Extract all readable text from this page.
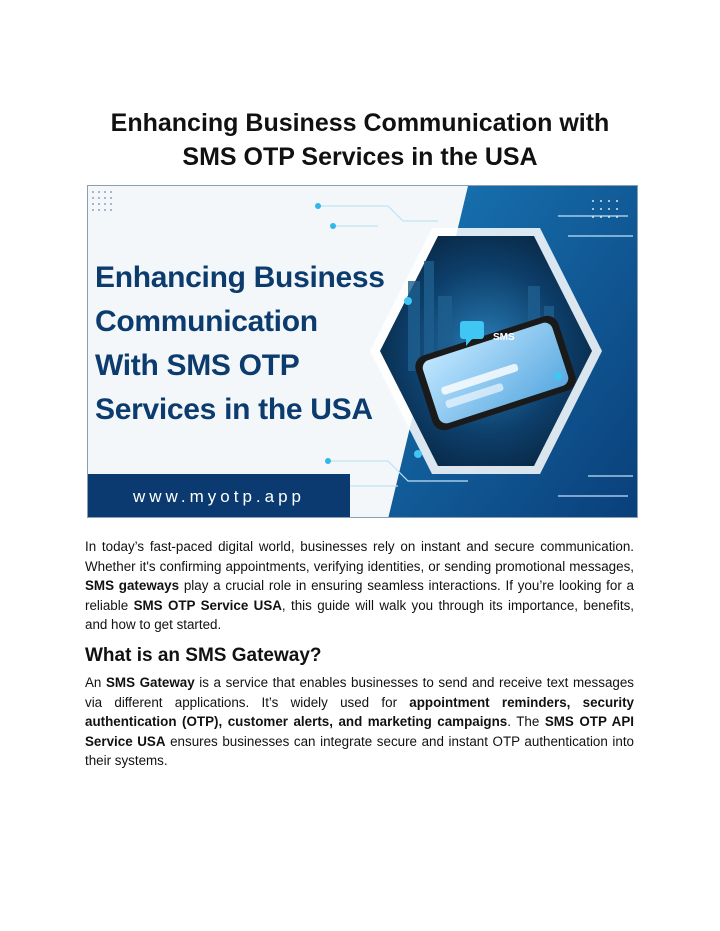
Enhancing Business Communication with
SMS OTP Services in the USA
SMS
Enhancing Business
Communication
With SMS OTP
Services in the USA
www.myotp.app

In today’s fast-paced digital world, businesses rely on instant and secure communication. Whether it's confirming appointments, verifying identities, or sending promotional messages, SMS gateways play a crucial role in ensuring seamless interactions. If you’re looking for a reliable SMS OTP Service USA, this guide will walk you through its importance, benefits, and how to get started.

What is an SMS Gateway?

An SMS Gateway is a service that enables businesses to send and receive text messages via different applications. It’s widely used for appointment reminders, security authentication (OTP), customer alerts, and marketing campaigns. The SMS OTP API Service USA ensures businesses can integrate secure and instant OTP authentication into their systems.
